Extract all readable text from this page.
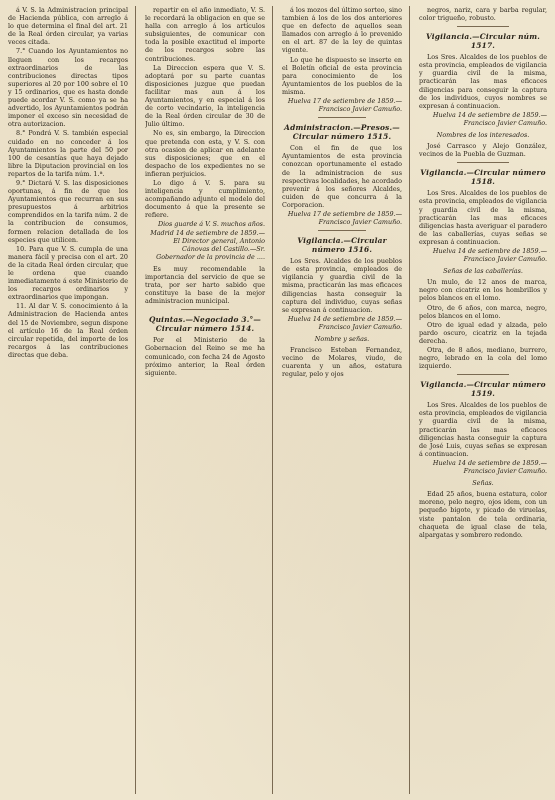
á V. S. la Administracion principal de Hacienda pública, con arreglo á lo que determina el final del art. 21 de la Real órden circular, ya varias veces citada.

7.° Cuando los Ayuntamientos no lleguen con los recargos extraordinarios de las contribuciones directas tipos superiores al 20 por 100 sobre el 10 y 15 ordinarios, que es hasta donde puede acordar V. S. como ya se ha advertido, los Ayuntamientos podrán imponer el exceso sin necesidad de otra autorizacion.

8.° Pondrá V. S. también especial cuidado en no conceder á los Ayuntamientos la parte del 50 por 100 de cesantías que haya dejado libre la Diputacion provincial en los repartos de la tarifa núm. 1.ª.

9.° Dictará V. S. las disposiciones oportunas, á fin de que los Ayuntamientos que recurran en sus presupuestos á arbitrios comprendidos en la tarifa núm. 2 de la contribucion de consumos, formen relacion detallada de los especies que utilicen.

10. Para que V. S. cumpla de una manera fácil y precisa con el art. 20 de la citada Real órden circular, que le ordena que cuando inmediatamente á este Ministerio de los recargos ordinarios y extraordinarios que impongan.

11. Al dar V. S. conocimiento á la Administracion de Hacienda antes del 15 de Noviembre, segun dispone el artículo 16 de la Real órden circular repetida, del importe de los recargos á las contribuciones directas que deba.

repartir en el año inmediato, V. S. le recordará la obligacion en que se halla con arreglo á los artículos subsiguientes, de comunicar con toda la posible exactitud el importe de los recargos sobre las contribuciones.

La Direccion espera que V. S. adoptará por su parte cuantas disposiciones juzgue que puedan facilitar mas aun á los Ayuntamientos, y en especial á los de corto vecindario, la inteligencia de la Real órden circular de 30 de Julio último.

No es, sin embargo, la Direccion que pretenda con esta, y V. S. con otra ocasion de aplicar en adelante sus disposiciones; que en el despacho de los expedientes no se infieran perjuicios.

Lo digo á V. S. para su inteligencia y cumplimiento, acompañando adjunto el modelo del documento á que la presente se refiere.

Dios guarde á V. S. muchos años. Madrid 14 de setiembre de 1859.—El Director general, Antonio Cánovas del Castillo.—Sr. Gobernador de la provincia de ....

Es muy recomendable la importancia del servicio de que se trata, por ser harto sabido que constituye la base de la mejor administracion municipal.

Quintas.—Negociado 3.°—Circular número 1514.

Por el Ministerio de la Gobernacion del Reino se me ha comunicado, con fecha 24 de Agosto próximo anterior, la Real órden siguiente.

á los mozos del último sorteo, sino tambien á los de los dos anteriores que en defecto de aquellos sean llamados con arreglo á lo prevenido en el art. 87 de la ley de quintas vigente.

Lo que he dispuesto se inserte en el Boletín oficial de esta provincia para conocimiento de los Ayuntamientos de los pueblos de la misma.

Huelva 17 de setiembre de 1859.—Francisco Javier Camuño.

Administracion.—Presos.—Circular número 1515.

Con el fin de que los Ayuntamientos de esta provincia conozcan oportunamente el estado de la administracion de sus respectivas localidades, he acordado prevenir á los señores Alcaldes, cuiden de que concurra á la Corporacion.

Huelva 17 de setiembre de 1859.—Francisco Javier Camuño.

Vigilancia.—Circular número 1516.

Los Sres. Alcaldes de los pueblos de esta provincia, empleados de vigilancia y guardia civil de la misma, practicarán las mas eficaces diligencias hasta conseguir la captura del individuo, cuyas señas se expresan á continuacion.

Huelva 14 de setiembre de 1859.—Francisco Javier Camuño.

Nombre y señas.

Francisco Esteban Fernandez, vecino de Molares, viudo, de cuarenta y un años, estatura regular, pelo y ojos

negros, nariz, cara y barba regular, color trigueño, robusto.

Vigilancia.—Circular núm. 1517.

Los Sres. Alcaldes de los pueblos de esta provincia, empleados de vigilancia y guardia civil de la misma, practicarán las mas eficaces diligencias para conseguir la captura de los individuos, cuyos nombres se expresan á continuacion.

Huelva 14 de setiembre de 1859.—Francisco Javier Camuño.

Nombres de los interesados.

José Carrasco y Alejo González, vecinos de la Puebla de Guzman.

Vigilancia.—Circular número 1518.

Los Sres. Alcaldes de los pueblos de esta provincia, empleados de vigilancia y guardia civil de la misma, practicarán las mas eficaces diligencias hasta averiguar el paradero de las caballerías, cuyas señas se expresan á continuacion.

Huelva 14 de setiembre de 1859.—Francisco Javier Camuño.

Señas de las caballerías.

Un mulo, de 12 anos de marca, negro con cicatriz en los hombrillos y pelos blancos en el lomo.

Otro, de 6 años, con marca, negro, pelos blancos en el lomo.

Otro de igual edad y alzada, pelo pardo oscuro, cicatriz en la tejada derecha.

Otra, de 8 años, mediano, burrero, negro, lebrado en la cola del lomo izquierdo.

Vigilancia.—Circular número 1519.

Los Sres. Alcaldes de los pueblos de esta provincia, empleados de vigilancia y guardia civil de la misma, practicarán las mas eficaces diligencias hasta conseguir la captura de José Luis, cuyas señas se expresan á continuacion.

Huelva 14 de setiembre de 1859.—Francisco Javier Camuño.

Señas.

Edad 25 años, buena estatura, color moreno, pelo negro, ojos idem, con un pequeño bigote, y picado de viruelas, viste pantalon de tela ordinaria, chaqueta de igual clase de tela, alpargatas y sombrero redondo.
